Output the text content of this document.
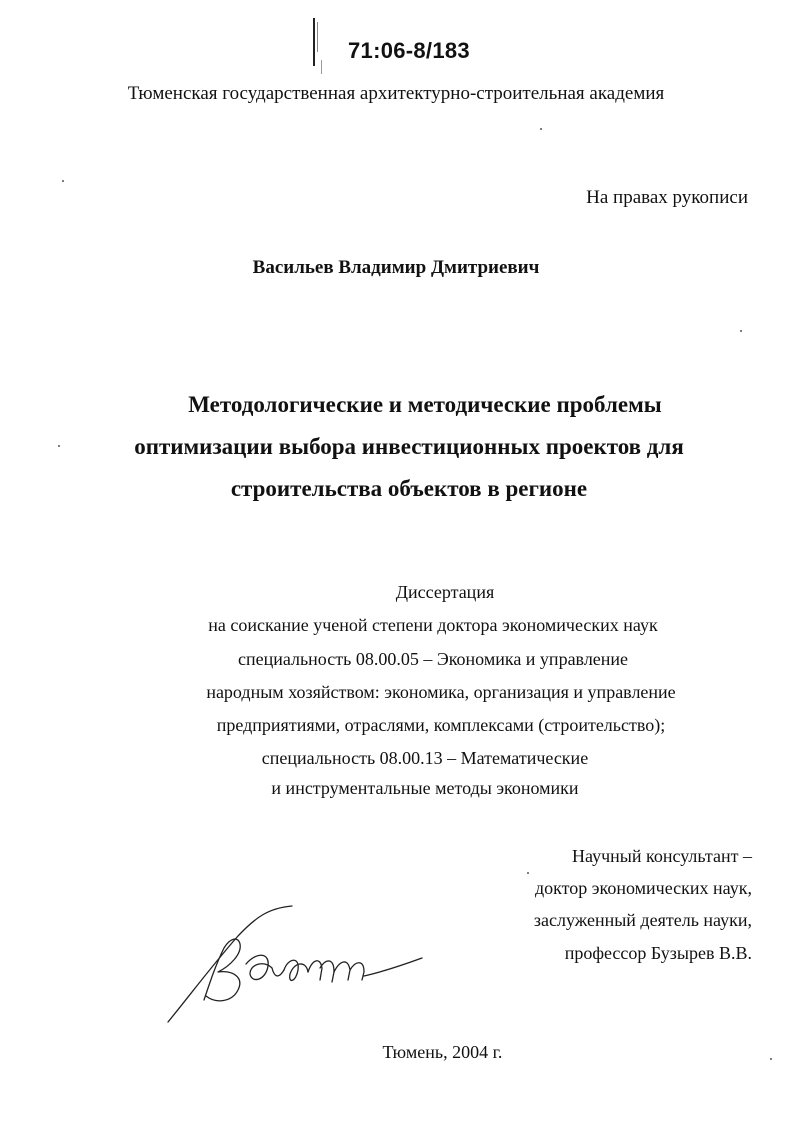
71:06-8/183
Тюменская государственная архитектурно-строительная академия
На правах рукописи
Васильев Владимир Дмитриевич
Методологические и методические проблемы
оптимизации выбора инвестиционных проектов для
строительства объектов в регионе
Диссертация
на соискание ученой степени доктора экономических наук
специальность 08.00.05 – Экономика и управление
народным хозяйством: экономика, организация и управление
предприятиями, отраслями, комплексами (строительство);
специальность 08.00.13 – Математические
и инструментальные методы экономики
Научный консультант –
доктор экономических наук,
заслуженный деятель науки,
профессор Бузырев В.В.
Тюмень, 2004 г.
